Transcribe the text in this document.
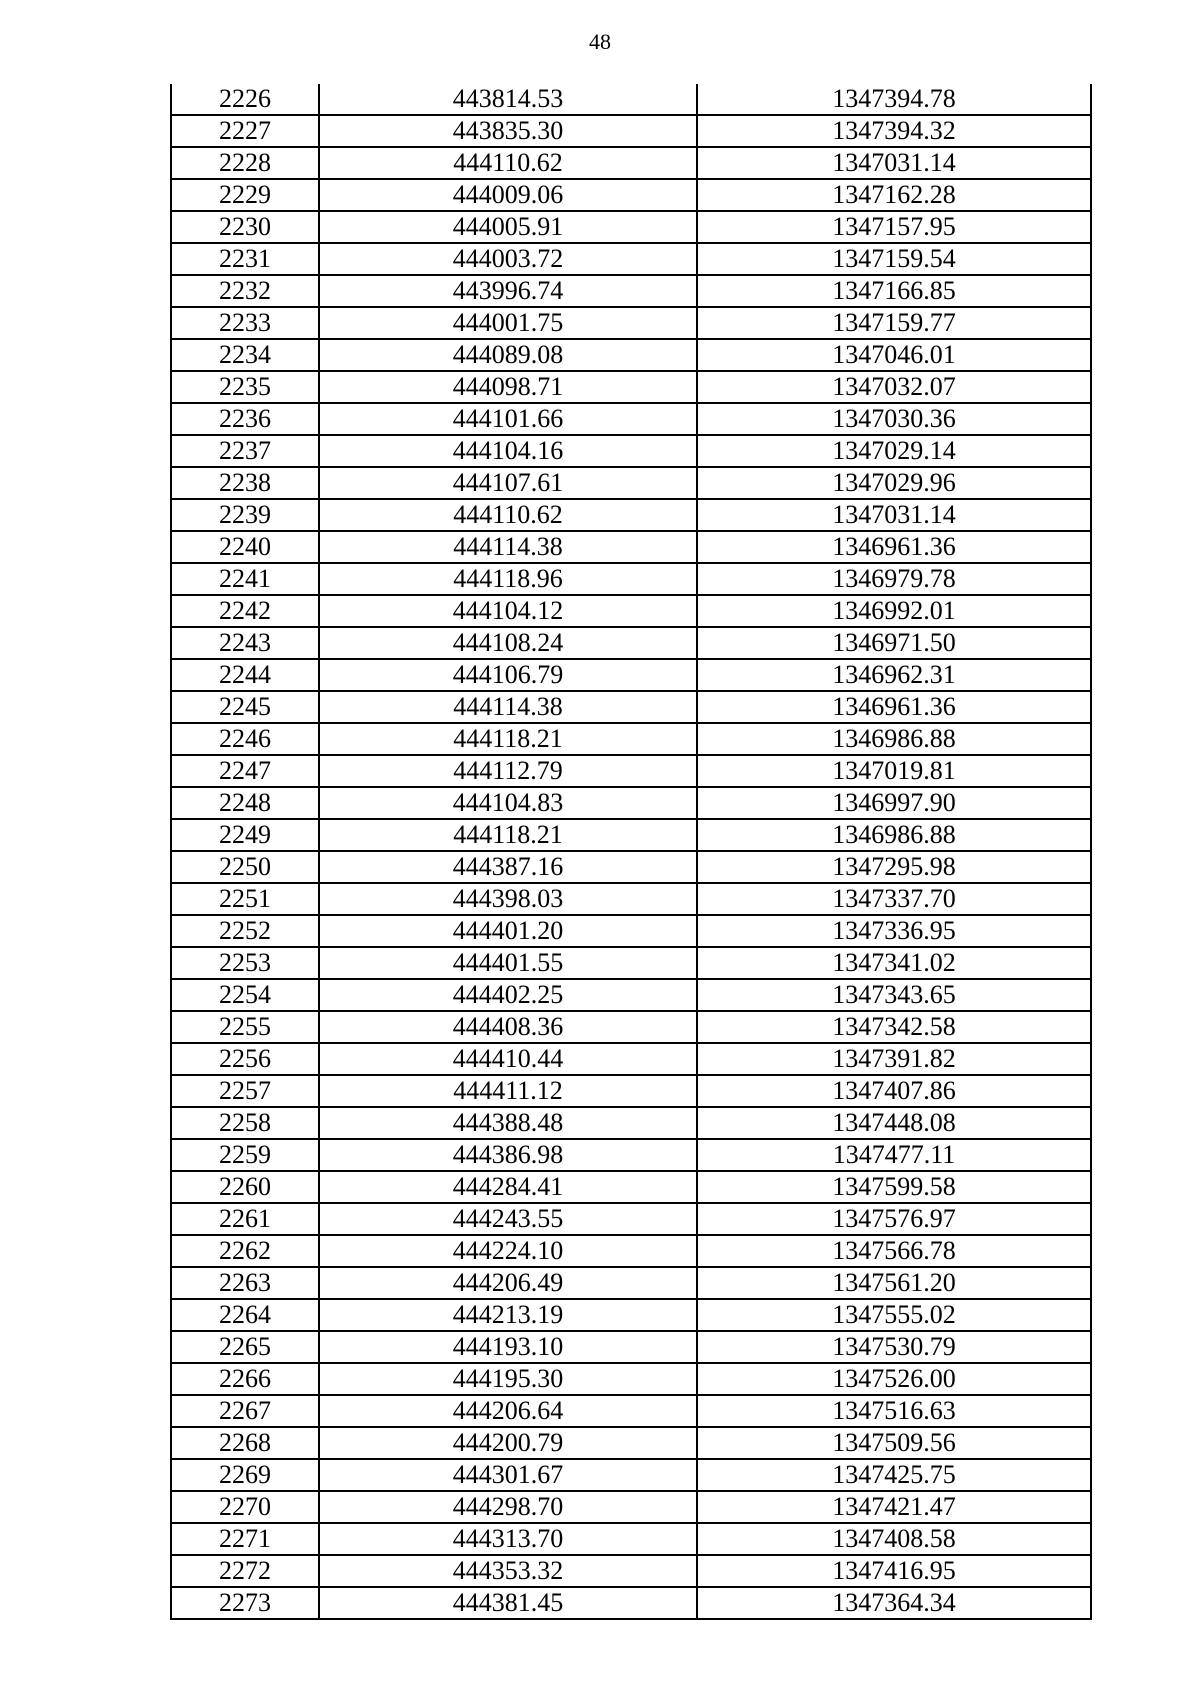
48
2226	443814.53	1347394.78
2227	443835.30	1347394.32
2228	444110.62	1347031.14
2229	444009.06	1347162.28
2230	444005.91	1347157.95
2231	444003.72	1347159.54
2232	443996.74	1347166.85
2233	444001.75	1347159.77
2234	444089.08	1347046.01
2235	444098.71	1347032.07
2236	444101.66	1347030.36
2237	444104.16	1347029.14
2238	444107.61	1347029.96
2239	444110.62	1347031.14
2240	444114.38	1346961.36
2241	444118.96	1346979.78
2242	444104.12	1346992.01
2243	444108.24	1346971.50
2244	444106.79	1346962.31
2245	444114.38	1346961.36
2246	444118.21	1346986.88
2247	444112.79	1347019.81
2248	444104.83	1346997.90
2249	444118.21	1346986.88
2250	444387.16	1347295.98
2251	444398.03	1347337.70
2252	444401.20	1347336.95
2253	444401.55	1347341.02
2254	444402.25	1347343.65
2255	444408.36	1347342.58
2256	444410.44	1347391.82
2257	444411.12	1347407.86
2258	444388.48	1347448.08
2259	444386.98	1347477.11
2260	444284.41	1347599.58
2261	444243.55	1347576.97
2262	444224.10	1347566.78
2263	444206.49	1347561.20
2264	444213.19	1347555.02
2265	444193.10	1347530.79
2266	444195.30	1347526.00
2267	444206.64	1347516.63
2268	444200.79	1347509.56
2269	444301.67	1347425.75
2270	444298.70	1347421.47
2271	444313.70	1347408.58
2272	444353.32	1347416.95
2273	444381.45	1347364.34
